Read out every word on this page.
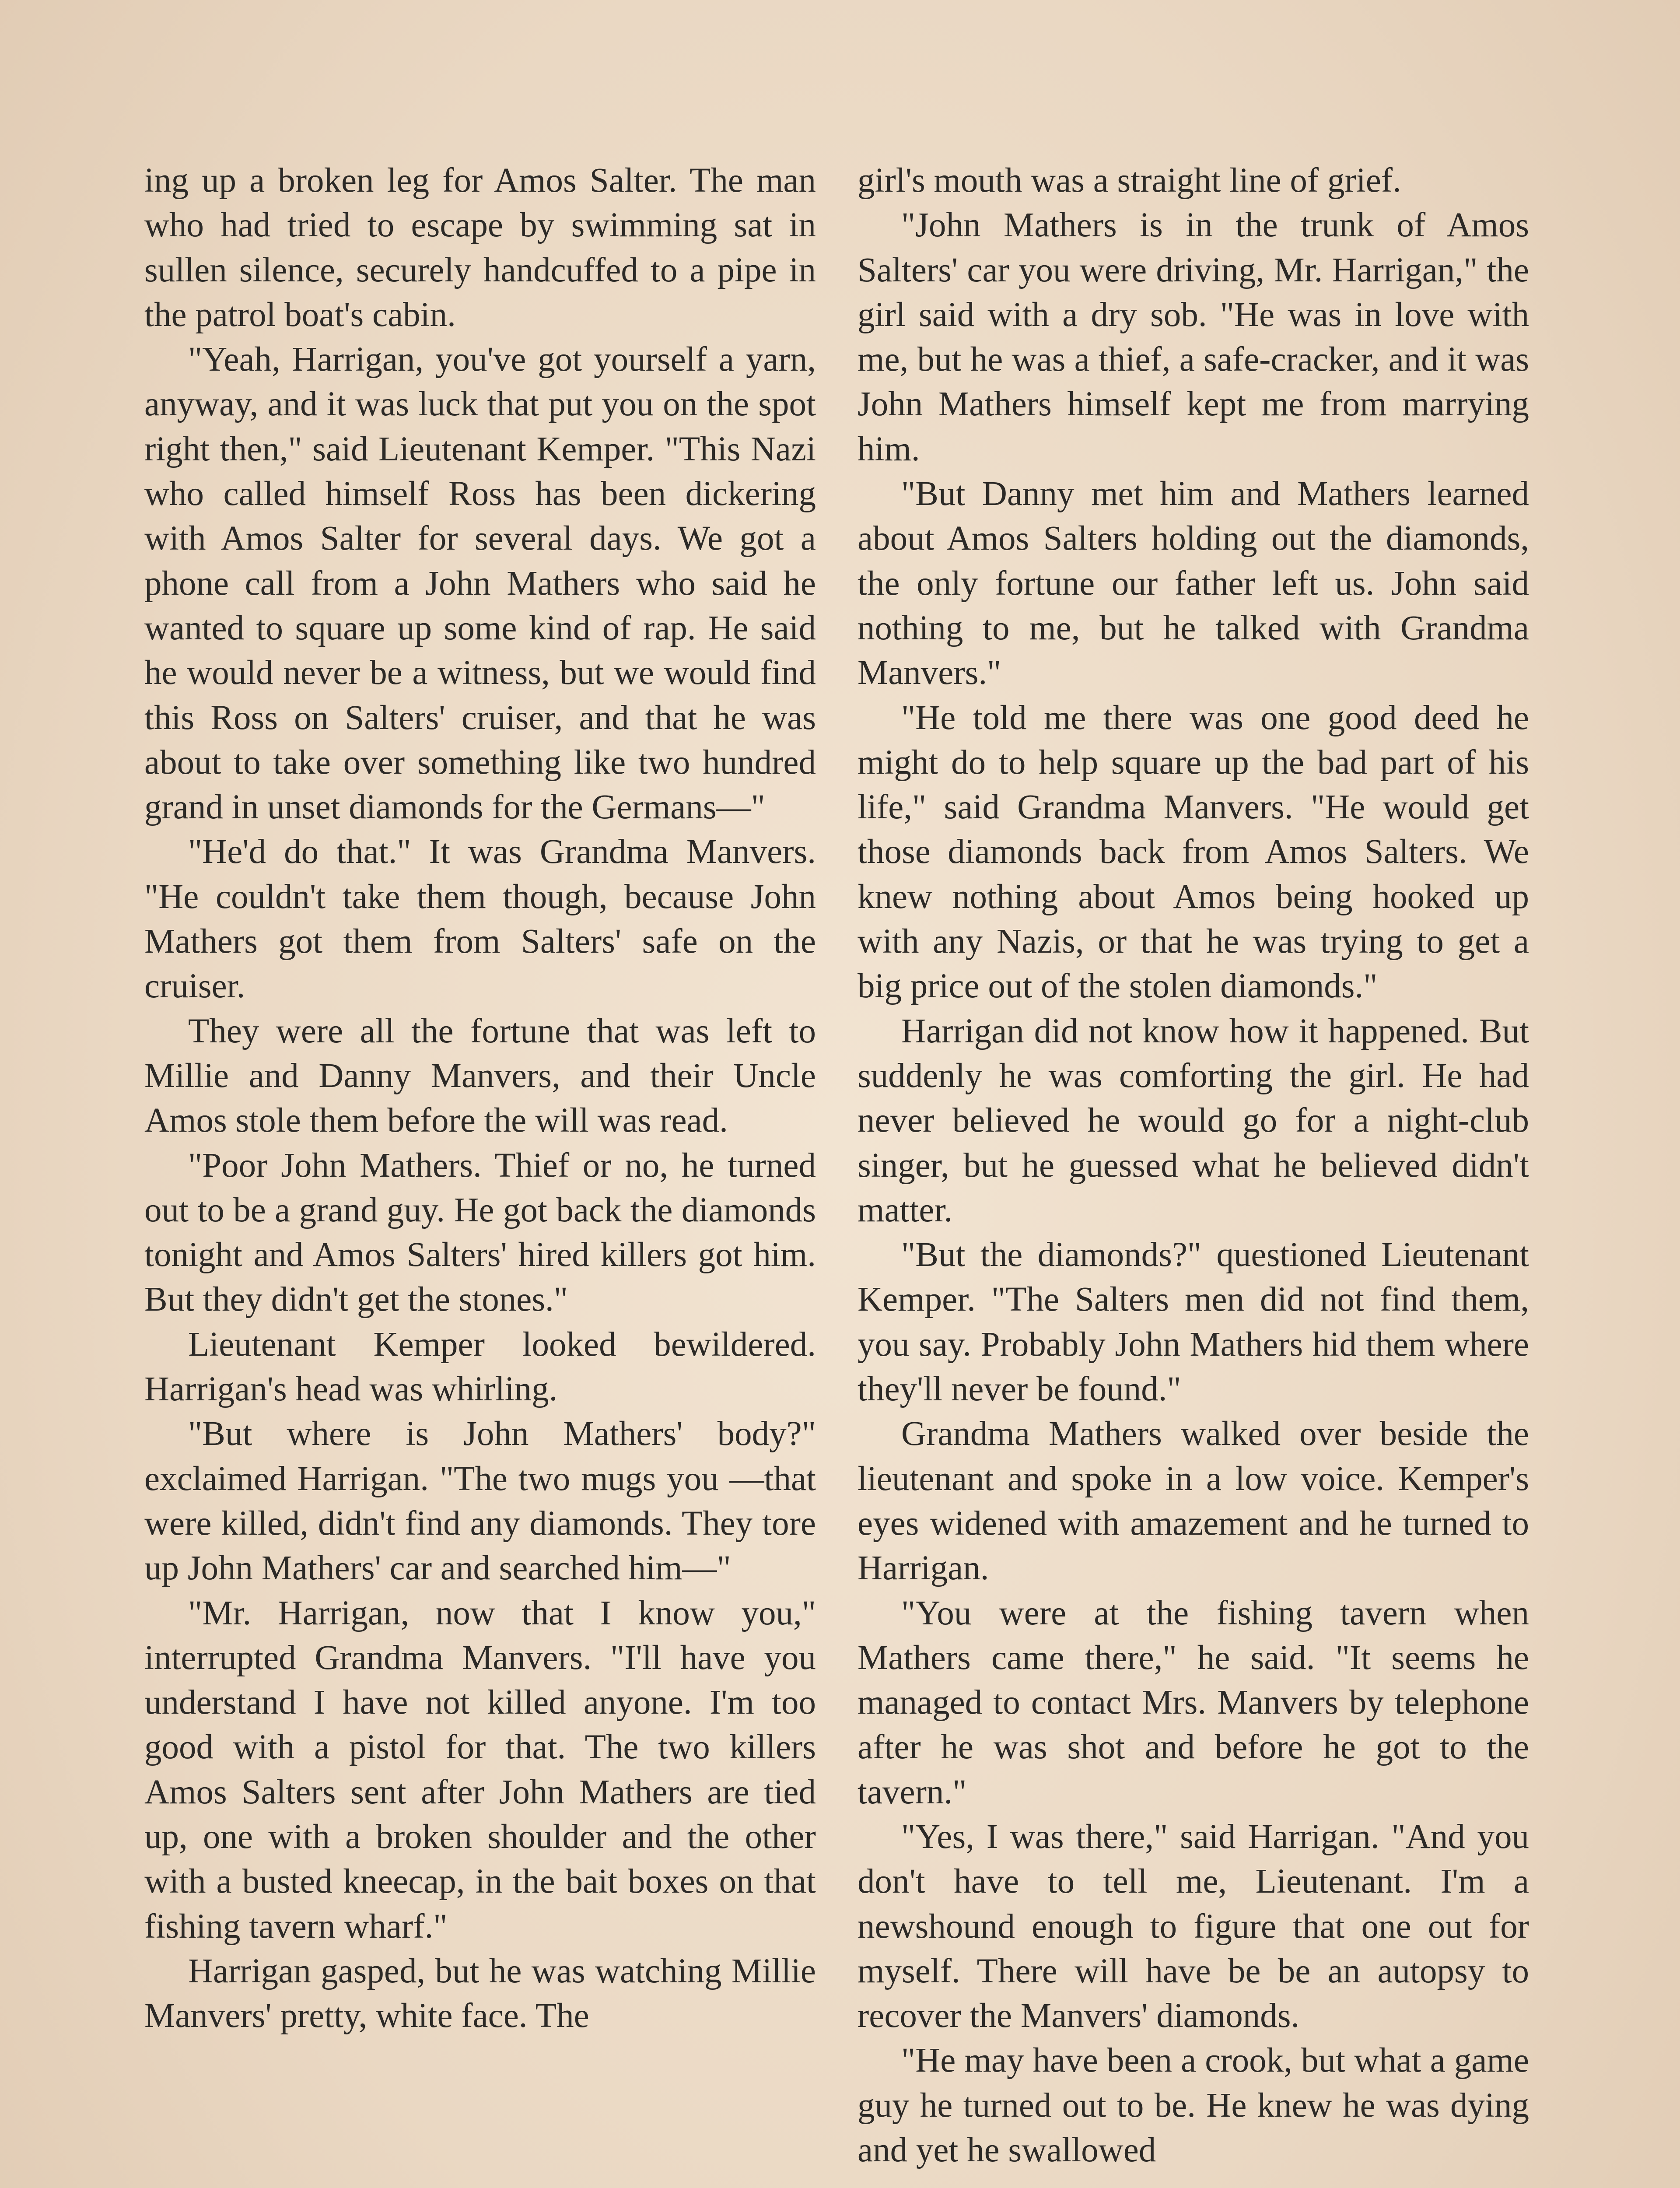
ing up a broken leg for Amos Salter. The man who had tried to escape by swimming sat in sullen silence, securely handcuffed to a pipe in the patrol boat's cabin.

"Yeah, Harrigan, you've got yourself a yarn, anyway, and it was luck that put you on the spot right then," said Lieutenant Kemper. "This Nazi who called himself Ross has been dickering with Amos Salter for several days. We got a phone call from a John Mathers who said he wanted to square up some kind of rap. He said he would never be a witness, but we would find this Ross on Salters' cruiser, and that he was about to take over something like two hundred grand in unset diamonds for the Germans—"

"He'd do that." It was Grandma Manvers. "He couldn't take them though, because John Mathers got them from Salters' safe on the cruiser.

They were all the fortune that was left to Millie and Danny Manvers, and their Uncle Amos stole them before the will was read.

"Poor John Mathers. Thief or no, he turned out to be a grand guy. He got back the diamonds tonight and Amos Salters' hired killers got him. But they didn't get the stones."

Lieutenant Kemper looked bewildered. Harrigan's head was whirling.

"But where is John Mathers' body?" exclaimed Harrigan. "The two mugs you —that were killed, didn't find any diamonds. They tore up John Mathers' car and searched him—"

"Mr. Harrigan, now that I know you," interrupted Grandma Manvers. "I'll have you understand I have not killed anyone. I'm too good with a pistol for that. The two killers Amos Salters sent after John Mathers are tied up, one with a broken shoulder and the other with a busted kneecap, in the bait boxes on that fishing tavern wharf."

Harrigan gasped, but he was watching Millie Manvers' pretty, white face. The

girl's mouth was a straight line of grief.

"John Mathers is in the trunk of Amos Salters' car you were driving, Mr. Harrigan," the girl said with a dry sob. "He was in love with me, but he was a thief, a safe-cracker, and it was John Mathers himself kept me from marrying him.

"But Danny met him and Mathers learned about Amos Salters holding out the diamonds, the only fortune our father left us. John said nothing to me, but he talked with Grandma Manvers."

"He told me there was one good deed he might do to help square up the bad part of his life," said Grandma Manvers. "He would get those diamonds back from Amos Salters. We knew nothing about Amos being hooked up with any Nazis, or that he was trying to get a big price out of the stolen diamonds."

Harrigan did not know how it happened. But suddenly he was comforting the girl. He had never believed he would go for a night-club singer, but he guessed what he believed didn't matter.

"But the diamonds?" questioned Lieutenant Kemper. "The Salters men did not find them, you say. Probably John Mathers hid them where they'll never be found."

Grandma Mathers walked over beside the lieutenant and spoke in a low voice. Kemper's eyes widened with amazement and he turned to Harrigan.

"You were at the fishing tavern when Mathers came there," he said. "It seems he managed to contact Mrs. Manvers by telephone after he was shot and before he got to the tavern."

"Yes, I was there," said Harrigan. "And you don't have to tell me, Lieutenant. I'm a newshound enough to figure that one out for myself. There will have be be an autopsy to recover the Manvers' diamonds.

"He may have been a crook, but what a game guy he turned out to be. He knew he was dying and yet he swallowed
